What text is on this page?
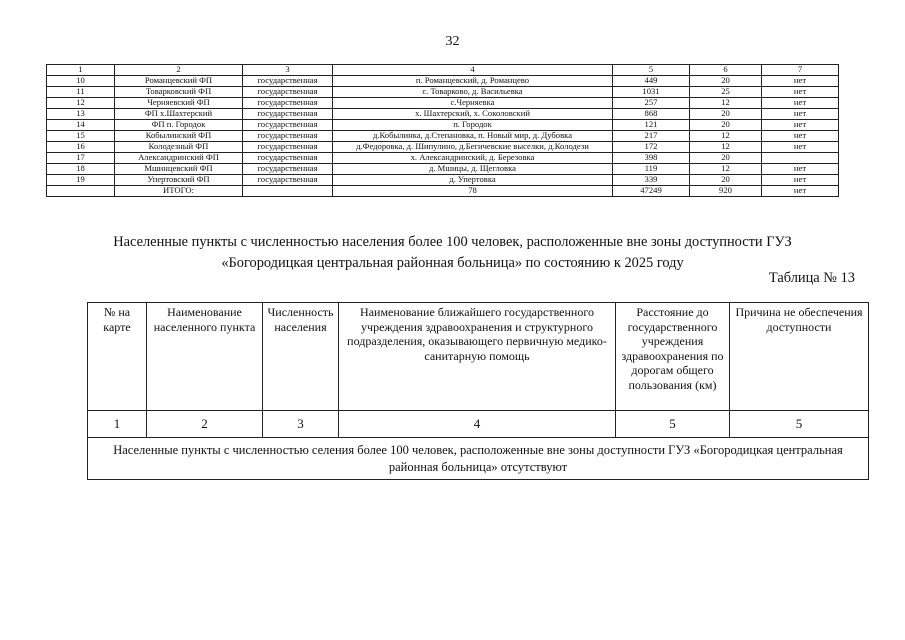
32
1	2	3	4	5	6	7
10	Романцевский ФП	государственная	п. Романцевский, д. Романцево	449	20	нет
11	Товарковский ФП	государственная	с. Товарково, д. Васильевка	1031	25	нет
12	Черняевский ФП	государственная	с.Черняевка	257	12	нет
13	ФП х.Шахтерский	государственная	х. Шахтерский, х. Соколовский	868	20	нет
14	ФП п. Городок	государственная	п. Городок	121	20	нет
15	Кобылинский ФП	государственная	д.Кобылинка, д.Степановка, п. Новый мир, д. Дубовка	217	12	нет
16	Колодезный ФП	государственная	д.Федоровка, д. Шипулино, д.Бегичевские выселки, д.Колодези	172	12	нет
17	Александринский ФП	государственная	х. Александринский, д. Березовка	398	20	
18	Мшинцевский ФП	государственная	д. Мшицы, д. Щегловка	119	12	нет
19	Упертовский ФП	государственная	д. Упертовка	339	20	нет
	ИТОГО:		78	47249	920	нет
Населенные пункты с численностью населения более 100 человек, расположенные вне зоны доступности ГУЗ
«Богородицкая центральная районная больница» по состоянию к 2025 году
Таблица № 13
№ на карте	Наименование населенного пункта	Численность населения	Наименование ближайшего государственного учреждения здравоохранения и структурного подразделения, оказывающего первичную медико-санитарную помощь	Расстояние до государственного учреждения здравоохранения по дорогам общего пользования (км)	Причина не обеспечения доступности
1	2	3	4	5	5
Населенные пункты с численностью селения более 100 человек, расположенные вне зоны доступности ГУЗ «Богородицкая центральная районная больница» отсутствуют					
